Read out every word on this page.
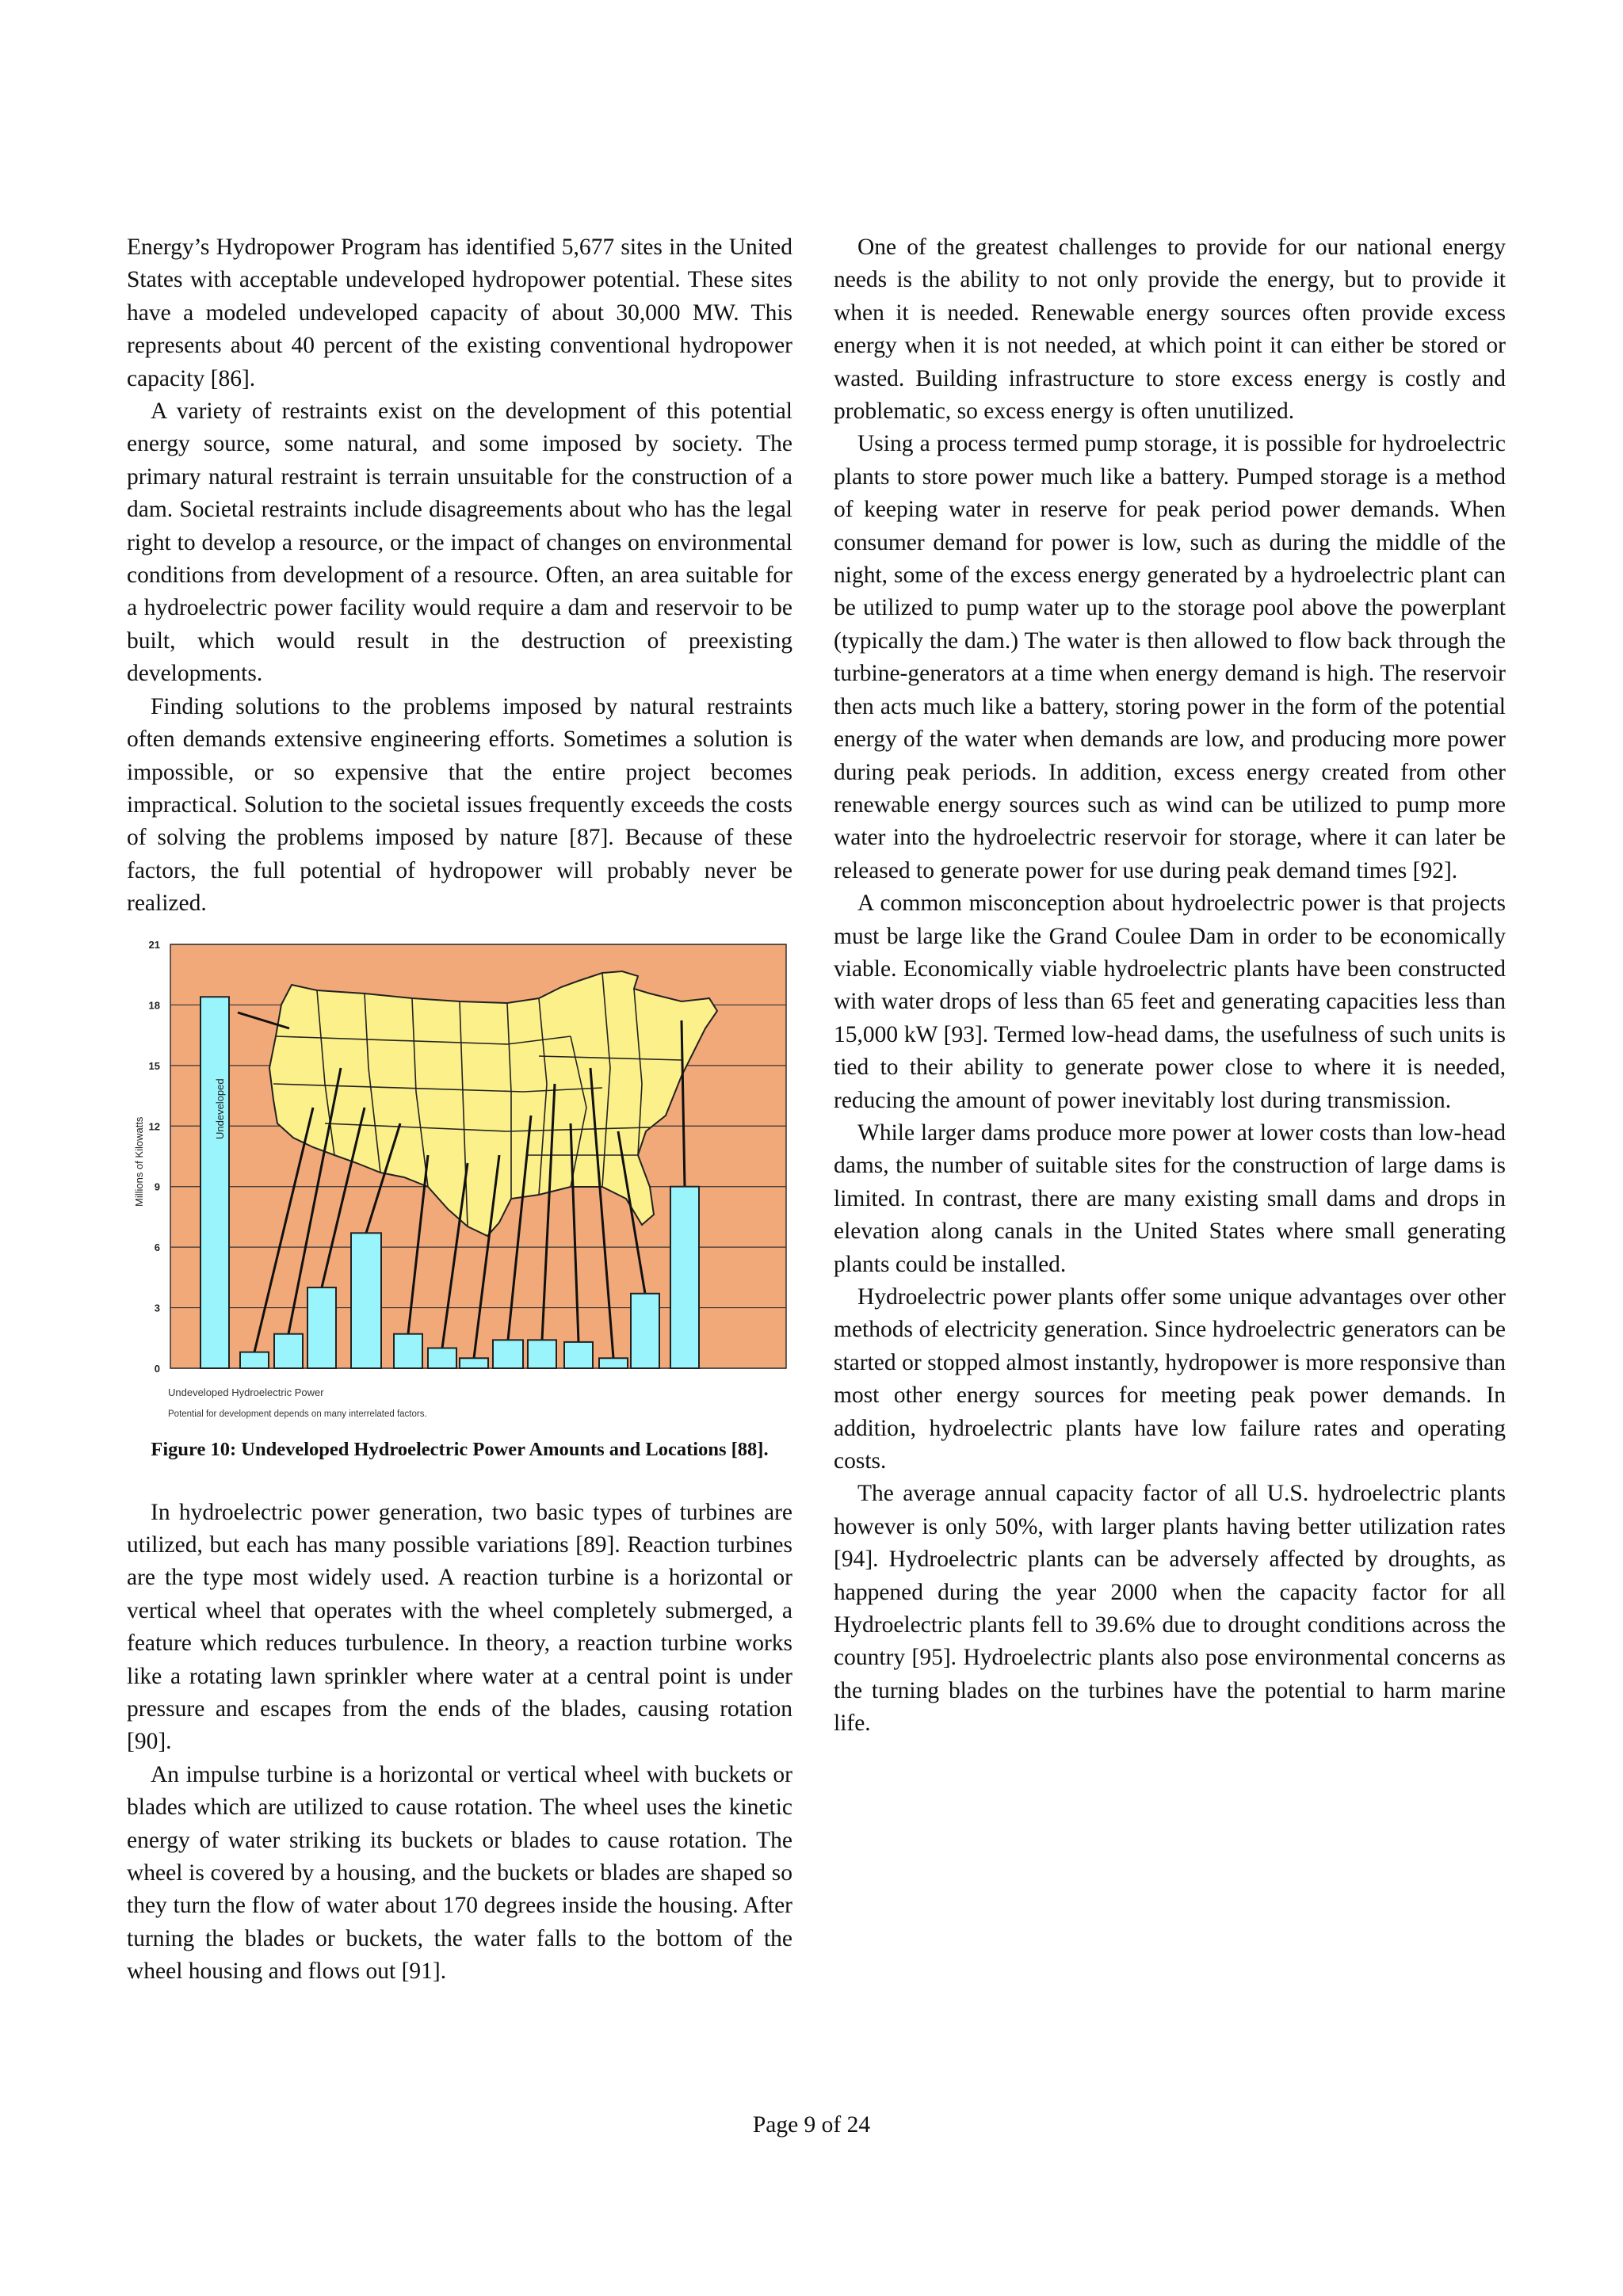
Energy’s Hydropower Program has identified 5,677 sites in the United States with acceptable undeveloped hydropower potential. These sites have a modeled undeveloped capacity of about 30,000 MW. This represents about 40 percent of the existing conventional hydropower capacity [86].

A variety of restraints exist on the development of this potential energy source, some natural, and some imposed by society. The primary natural restraint is terrain unsuitable for the construction of a dam. Societal restraints include disagreements about who has the legal right to develop a resource, or the impact of changes on environmental conditions from development of a resource. Often, an area suitable for a hydroelectric power facility would require a dam and reservoir to be built, which would result in the destruction of preexisting developments.

Finding solutions to the problems imposed by natural restraints often demands extensive engineering efforts. Sometimes a solution is impossible, or so expensive that the entire project becomes impractical. Solution to the societal issues frequently exceeds the costs of solving the problems imposed by nature [87]. Because of these factors, the full potential of hydropower will probably never be realized.

0
3
6
9
12
15
18
21
Undeveloped
Millions of Kilowatts
Undeveloped Hydroelectric Power
Potential for development depends on many interrelated factors.
Figure 10: Undeveloped Hydroelectric Power Amounts and Locations [88].

In hydroelectric power generation, two basic types of turbines are utilized, but each has many possible variations [89]. Reaction turbines are the type most widely used. A reaction turbine is a horizontal or vertical wheel that operates with the wheel completely submerged, a feature which reduces turbulence. In theory, a reaction turbine works like a rotating lawn sprinkler where water at a central point is under pressure and escapes from the ends of the blades, causing rotation [90].

An impulse turbine is a horizontal or vertical wheel with buckets or blades which are utilized to cause rotation. The wheel uses the kinetic energy of water striking its buckets or blades to cause rotation. The wheel is covered by a housing, and the buckets or blades are shaped so they turn the flow of water about 170 degrees inside the housing. After turning the blades or buckets, the water falls to the bottom of the wheel housing and flows out [91].

One of the greatest challenges to provide for our national energy needs is the ability to not only provide the energy, but to provide it when it is needed. Renewable energy sources often provide excess energy when it is not needed, at which point it can either be stored or wasted. Building infrastructure to store excess energy is costly and problematic, so excess energy is often unutilized.

Using a process termed pump storage, it is possible for hydroelectric plants to store power much like a battery. Pumped storage is a method of keeping water in reserve for peak period power demands. When consumer demand for power is low, such as during the middle of the night, some of the excess energy generated by a hydroelectric plant can be utilized to pump water up to the storage pool above the powerplant (typically the dam.) The water is then allowed to flow back through the turbine-generators at a time when energy demand is high. The reservoir then acts much like a battery, storing power in the form of the potential energy of the water when demands are low, and producing more power during peak periods. In addition, excess energy created from other renewable energy sources such as wind can be utilized to pump more water into the hydroelectric reservoir for storage, where it can later be released to generate power for use during peak demand times [92].

A common misconception about hydroelectric power is that projects must be large like the Grand Coulee Dam in order to be economically viable. Economically viable hydroelectric plants have been constructed with water drops of less than 65 feet and generating capacities less than 15,000 kW [93]. Termed low-head dams, the usefulness of such units is tied to their ability to generate power close to where it is needed, reducing the amount of power inevitably lost during transmission.

While larger dams produce more power at lower costs than low-head dams, the number of suitable sites for the construction of large dams is limited. In contrast, there are many existing small dams and drops in elevation along canals in the United States where small generating plants could be installed.

Hydroelectric power plants offer some unique advantages over other methods of electricity generation. Since hydroelectric generators can be started or stopped almost instantly, hydropower is more responsive than most other energy sources for meeting peak power demands. In addition, hydroelectric plants have low failure rates and operating costs.

The average annual capacity factor of all U.S. hydroelectric plants however is only 50%, with larger plants having better utilization rates [94]. Hydroelectric plants can be adversely affected by droughts, as happened during the year 2000 when the capacity factor for all Hydroelectric plants fell to 39.6% due to drought conditions across the country [95]. Hydroelectric plants also pose environmental concerns as the turning blades on the turbines have the potential to harm marine life.

Page 9 of 24
